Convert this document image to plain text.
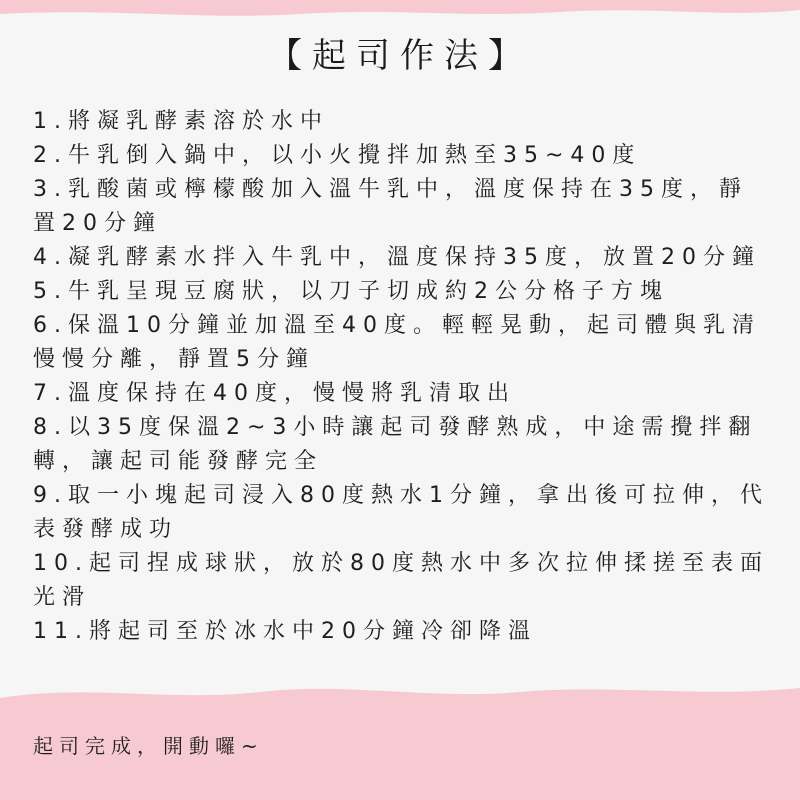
【起司作法】
1.將凝乳酵素溶於水中
2.牛乳倒入鍋中，以小火攪拌加熱至35~40度
3.乳酸菌或檸檬酸加入溫牛乳中，溫度保持在35度，靜置20分鐘
4.凝乳酵素水拌入牛乳中，溫度保持35度，放置20分鐘
5.牛乳呈現豆腐狀，以刀子切成約2公分格子方塊
6.保溫10分鐘並加溫至40度。輕輕晃動，起司體與乳清慢慢分離，靜置5分鐘
7.溫度保持在40度，慢慢將乳清取出
8.以35度保溫2~3小時讓起司發酵熟成，中途需攪拌翻轉，讓起司能發酵完全
9.取一小塊起司浸入80度熱水1分鐘，拿出後可拉伸，代表發酵成功
10.起司捏成球狀，放於80度熱水中多次拉伸揉搓至表面光滑
11.將起司至於冰水中20分鐘冷卻降溫

起司完成，開動囉~
